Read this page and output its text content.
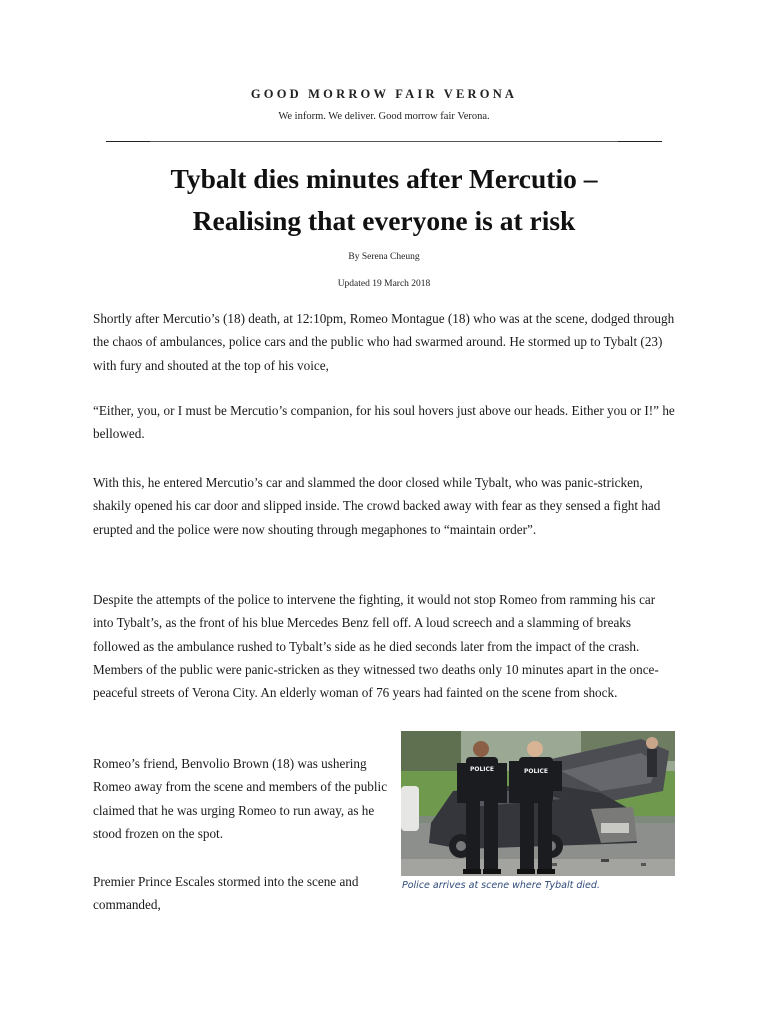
GOOD MORROW FAIR VERONA
We inform. We deliver. Good morrow fair Verona.
Tybalt dies minutes after Mercutio –
Realising that everyone is at risk
By Serena Cheung
Updated 19 March 2018
Shortly after Mercutio’s (18) death, at 12:10pm, Romeo Montague (18) who was at the scene, dodged through the chaos of ambulances, police cars and the public who had swarmed around. He stormed up to Tybalt (23) with fury and shouted at the top of his voice,
“Either, you, or I must be Mercutio’s companion, for his soul hovers just above our heads. Either you or I!” he bellowed.
With this, he entered Mercutio’s car and slammed the door closed while Tybalt, who was panic-stricken, shakily opened his car door and slipped inside. The crowd backed away with fear as they sensed a fight had erupted and the police were now shouting through megaphones to “maintain order”.
Despite the attempts of the police to intervene the fighting, it would not stop Romeo from ramming his car into Tybalt’s, as the front of his blue Mercedes Benz fell off. A loud screech and a slamming of breaks followed as the ambulance rushed to Tybalt’s side as he died seconds later from the impact of the crash. Members of the public were panic-stricken as they witnessed two deaths only 10 minutes apart in the once-peaceful streets of Verona City. An elderly woman of 76 years had fainted on the scene from shock.
Romeo’s friend, Benvolio Brown (18) was ushering Romeo away from the scene and members of the public claimed that he was urging Romeo to run away, as he stood frozen on the spot.
Premier Prince Escales stormed into the scene and commanded,
POLICE	POLICE
Police arrives at scene where Tybalt died.
